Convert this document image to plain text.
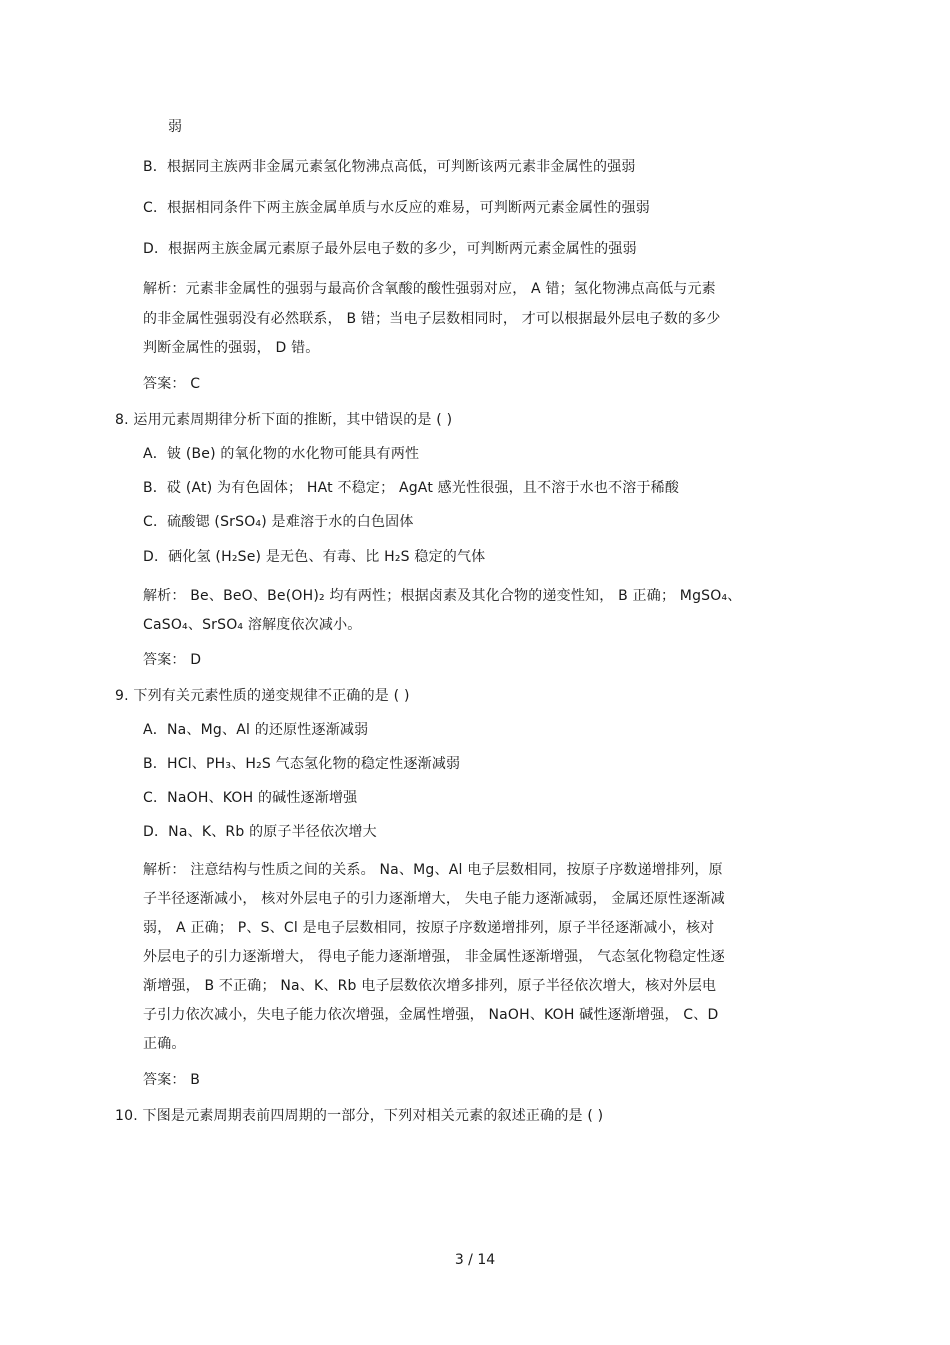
弱
B．根据同主族两非金属元素氢化物沸点高低，可判断该两元素非金属性的强弱
C．根据相同条件下两主族金属单质与水反应的难易，可判断两元素金属性的强弱
D．根据两主族金属元素原子最外层电子数的多少，可判断两元素金属性的强弱
解析：元素非金属性的强弱与最高价含氧酸的酸性强弱对应， A 错；氢化物沸点高低与元素
的非金属性强弱没有必然联系， B 错；当电子层数相同时， 才可以根据最外层电子数的多少
判断金属性的强弱， D 错。
答案： C
8. 运用元素周期律分析下面的推断，其中错误的是 ( )
A．铍 (Be) 的氧化物的水化物可能具有两性
B．砹 (At) 为有色固体； HAt 不稳定； AgAt 感光性很强，且不溶于水也不溶于稀酸
C．硫酸锶 (SrSO₄) 是难溶于水的白色固体
D．硒化氢 (H₂Se) 是无色、有毒、比 H₂S 稳定的气体
解析： Be、BeO、Be(OH)₂ 均有两性；根据卤素及其化合物的递变性知， B 正确； MgSO₄、
CaSO₄、SrSO₄ 溶解度依次减小。
答案： D
9. 下列有关元素性质的递变规律不正确的是 ( )
A．Na、Mg、Al 的还原性逐渐减弱
B．HCl、PH₃、H₂S 气态氢化物的稳定性逐渐减弱
C．NaOH、KOH 的碱性逐渐增强
D．Na、K、Rb 的原子半径依次增大
解析： 注意结构与性质之间的关系。 Na、Mg、Al 电子层数相同，按原子序数递增排列，原
子半径逐渐减小， 核对外层电子的引力逐渐增大， 失电子能力逐渐减弱， 金属还原性逐渐减
弱， A 正确； P、S、Cl 是电子层数相同，按原子序数递增排列，原子半径逐渐减小，核对
外层电子的引力逐渐增大， 得电子能力逐渐增强， 非金属性逐渐增强， 气态氢化物稳定性逐
渐增强， B 不正确； Na、K、Rb 电子层数依次增多排列，原子半径依次增大，核对外层电
子引力依次减小，失电子能力依次增强，金属性增强， NaOH、KOH 碱性逐渐增强， C、D
正确。
答案： B
10. 下图是元素周期表前四周期的一部分，下列对相关元素的叙述正确的是 ( )
3 / 14
